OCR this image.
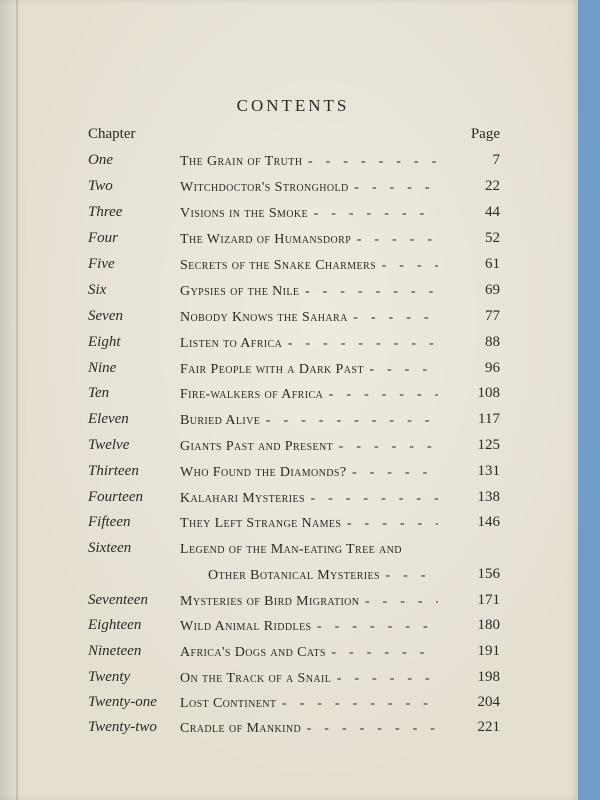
CONTENTS
Chapter	Page
One	The Grain of Truth - -	7
Two	Witchdoctor's Stronghold - -	22
Three	Visions in the Smoke - -	44
Four	The Wizard of Humansdorp - -	52
Five	Secrets of the Snake Charmers - -	61
Six	Gypsies of the Nile - -	69
Seven	Nobody Knows the Sahara - -	77
Eight	Listen to Africa - -	88
Nine	Fair People with a Dark Past - -	96
Ten	Fire-walkers of Africa - -	108
Eleven	Buried Alive - -	117
Twelve	Giants Past and Present - -	125
Thirteen	Who Found the Diamonds? - -	131
Fourteen	Kalahari Mysteries - -	138
Fifteen	They Left Strange Names - -	146
Sixteen	Legend of the Man-eating Tree and
Other Botanical Mysteries - -	156
Seventeen Mysteries of Bird Migration - -	171
Eighteen	Wild Animal Riddles - -	180
Nineteen	Africa's Dogs and Cats - -	191
Twenty	On the Track of a Snail - -	198
Twenty-one Lost Continent - -	204
Twenty-two Cradle of Mankind - -	221
